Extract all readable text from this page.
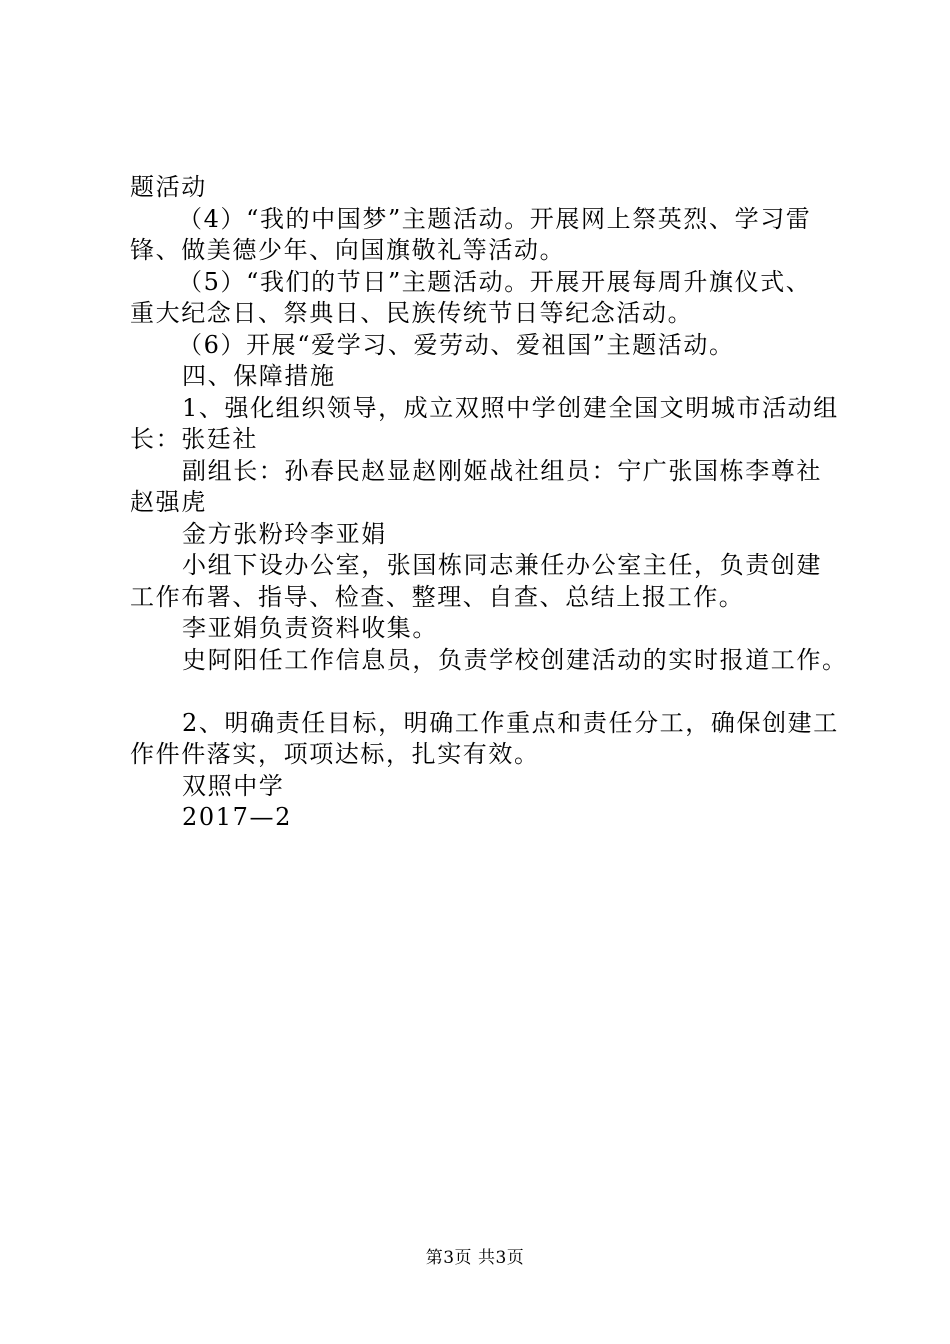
题活动

（4）“我的中国梦”主题活动。开展网上祭英烈、学习雷

锋、做美德少年、向国旗敬礼等活动。

（5）“我们的节日”主题活动。开展开展每周升旗仪式、

重大纪念日、祭典日、民族传统节日等纪念活动。

（6）开展“爱学习、爱劳动、爱祖国”主题活动。

四、保障措施

1、强化组织领导，成立双照中学创建全国文明城市活动组

长：张廷社

副组长：孙春民赵显赵刚姬战社组员：宁广张国栋李尊社

赵强虎

金方张粉玲李亚娟

小组下设办公室，张国栋同志兼任办公室主任，负责创建

工作布署、指导、检查、整理、自查、总结上报工作。

李亚娟负责资料收集。

史阿阳任工作信息员，负责学校创建活动的实时报道工作。

2、明确责任目标，明确工作重点和责任分工，确保创建工

作件件落实，项项达标，扎实有效。

双照中学

2017—2

第3页 共3页
